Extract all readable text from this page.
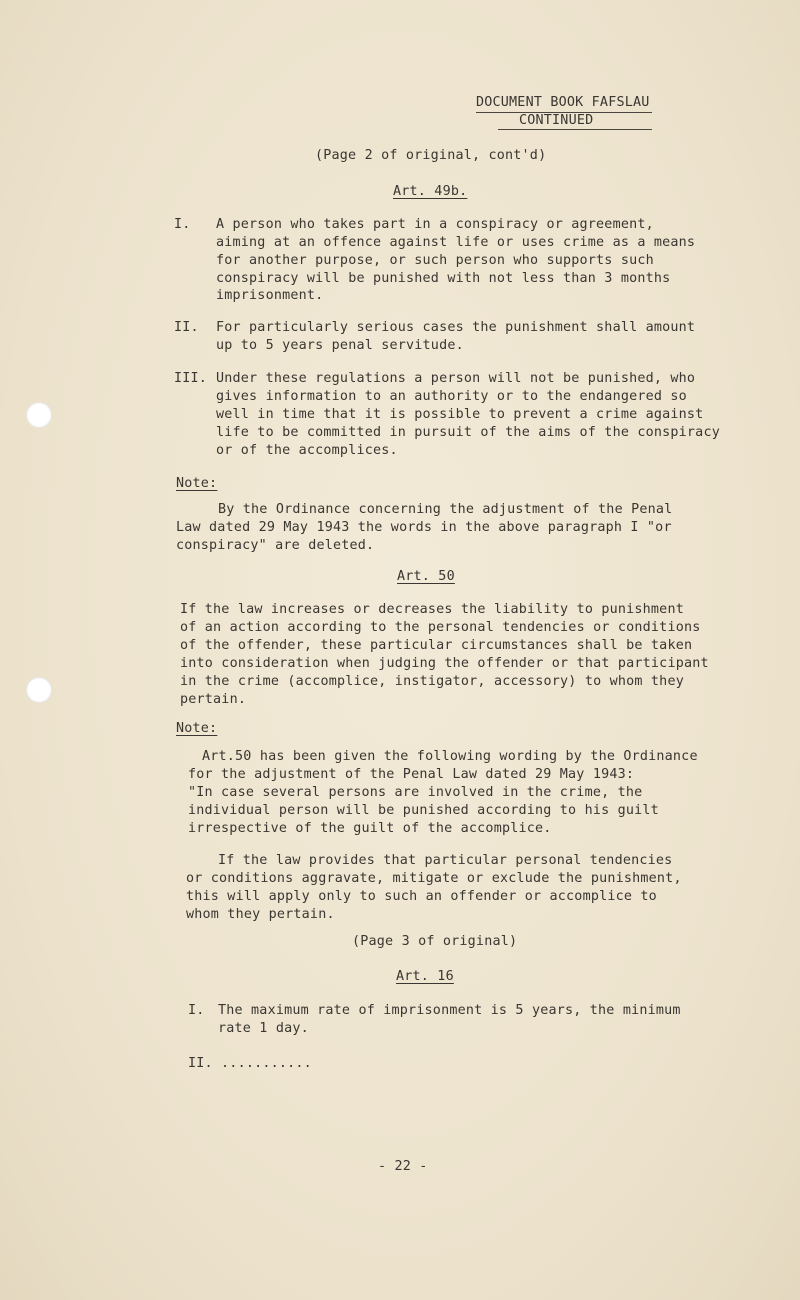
DOCUMENT BOOK FAFSLAU
CONTINUED
(Page 2 of original, cont'd)
Art. 49b.
I. A person who takes part in a conspiracy or agreement,
aiming at an offence against life or uses crime as a means
for another purpose, or such person who supports such
conspiracy will be punished with not less than 3 months
imprisonment.
II. For particularly serious cases the punishment shall amount
up to 5 years penal servitude.
III. Under these regulations a person will not be punished, who
gives information to an authority or to the endangered so
well in time that it is possible to prevent a crime against
life to be committed in pursuit of the aims of the conspiracy
or of the accomplices.
Note:
By the Ordinance concerning the adjustment of the Penal
Law dated 29 May 1943 the words in the above paragraph I "or
conspiracy" are deleted.
Art. 50
If the law increases or decreases the liability to punishment
of an action according to the personal tendencies or conditions
of the offender, these particular circumstances shall be taken
into consideration when judging the offender or that participant
in the crime (accomplice, instigator, accessory) to whom they
pertain.
Note:
Art.50 has been given the following wording by the Ordinance
for the adjustment of the Penal Law dated 29 May 1943:
"In case several persons are involved in the crime, the
individual person will be punished according to his guilt
irrespective of the guilt of the accomplice.
If the law provides that particular personal tendencies
or conditions aggravate, mitigate or exclude the punishment,
this will apply only to such an offender or accomplice to
whom they pertain.
(Page 3 of original)
Art. 16
I. The maximum rate of imprisonment is 5 years, the minimum
rate 1 day.
II. ...........
- 22 -
